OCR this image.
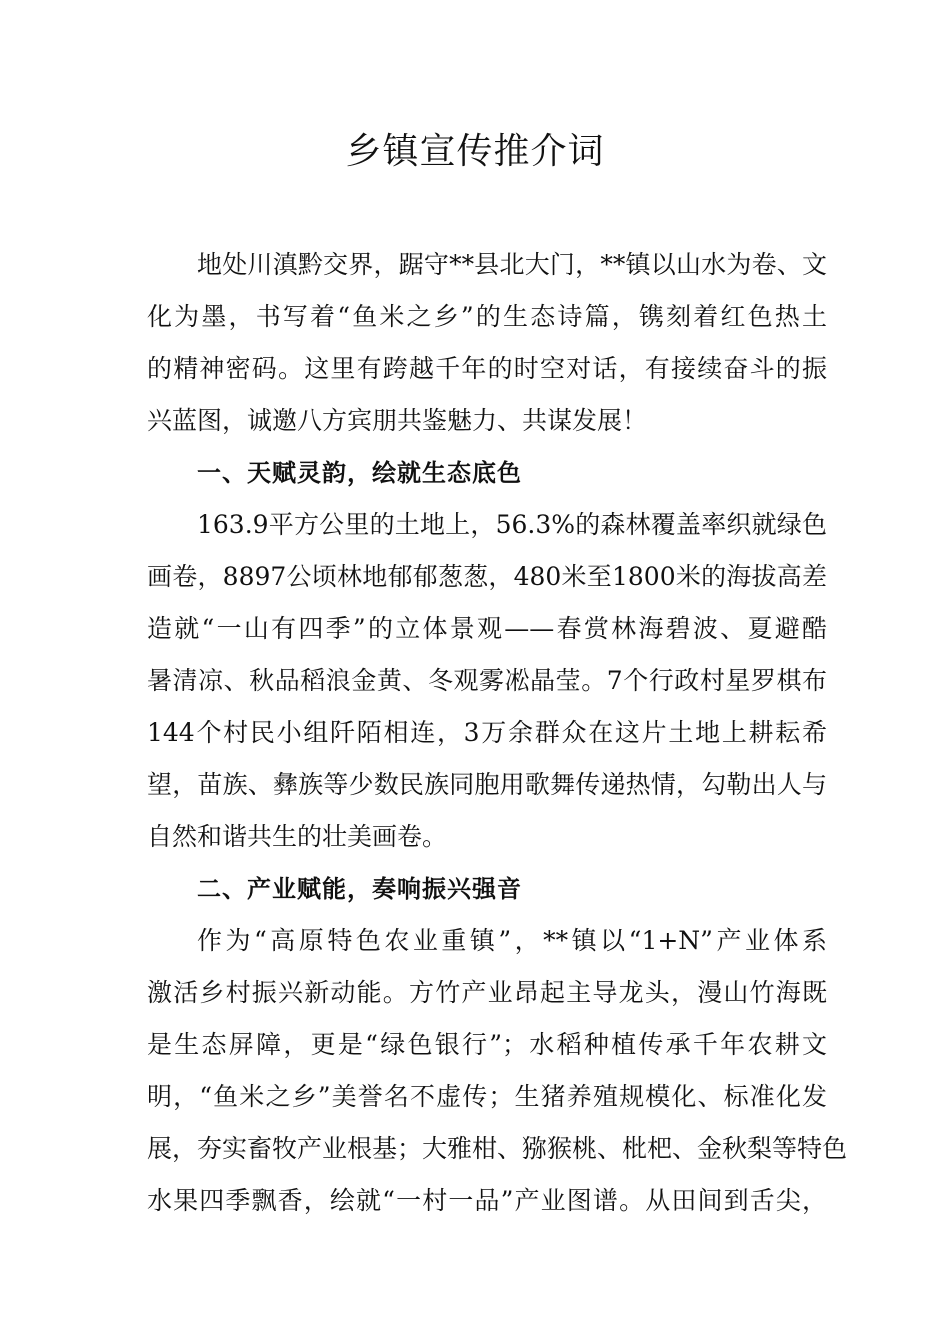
乡镇宣传推介词
地处川滇黔交界，踞守**县北大门，**镇以山水为卷、文
化为墨，书写着“鱼米之乡”的生态诗篇，镌刻着红色热土
的精神密码。这里有跨越千年的时空对话，有接续奋斗的振
兴蓝图，诚邀八方宾朋共鉴魅力、共谋发展！
一、天赋灵韵，绘就生态底色
163.9平方公里的土地上，56.3%的森林覆盖率织就绿色
画卷，8897公顷林地郁郁葱葱，480米至1800米的海拔高差
造就“一山有四季”的立体景观——春赏林海碧波、夏避酷
暑清凉、秋品稻浪金黄、冬观雾凇晶莹。7个行政村星罗棋布
144个村民小组阡陌相连，3万余群众在这片土地上耕耘希
望，苗族、彝族等少数民族同胞用歌舞传递热情，勾勒出人与
自然和谐共生的壮美画卷。
二、产业赋能，奏响振兴强音
作为“高原特色农业重镇”，**镇以“1+N”产业体系
激活乡村振兴新动能。方竹产业昂起主导龙头，漫山竹海既
是生态屏障，更是“绿色银行”；水稻种植传承千年农耕文
明，“鱼米之乡”美誉名不虚传；生猪养殖规模化、标准化发
展，夯实畜牧产业根基；大雅柑、猕猴桃、枇杷、金秋梨等特色
水果四季飘香，绘就“一村一品”产业图谱。从田间到舌尖，
